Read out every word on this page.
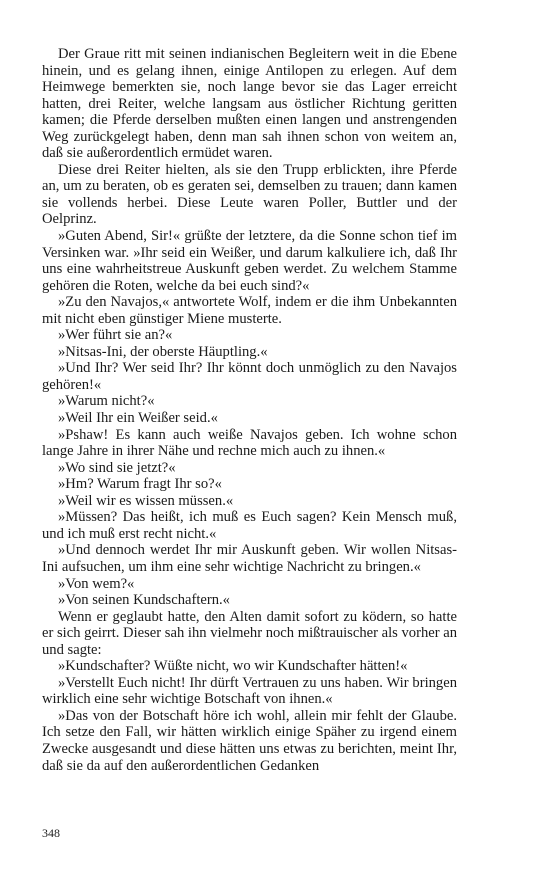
Der Graue ritt mit seinen indianischen Begleitern weit in die Ebene hinein, und es gelang ihnen, einige Antilopen zu erlegen. Auf dem Heimwege bemerkten sie, noch lange bevor sie das Lager erreicht hatten, drei Reiter, welche langsam aus östlicher Richtung geritten kamen; die Pferde derselben mußten einen langen und anstrengenden Weg zurückgelegt haben, denn man sah ihnen schon von weitem an, daß sie außerordentlich ermüdet waren.

Diese drei Reiter hielten, als sie den Trupp erblickten, ihre Pferde an, um zu beraten, ob es geraten sei, demselben zu trauen; dann kamen sie vollends herbei. Diese Leute waren Poller, Buttler und der Oelprinz.

»Guten Abend, Sir!« grüßte der letztere, da die Sonne schon tief im Versinken war. »Ihr seid ein Weißer, und darum kalkuliere ich, daß Ihr uns eine wahrheitstreue Auskunft geben werdet. Zu welchem Stamme gehören die Roten, welche da bei euch sind?«

»Zu den Navajos,« antwortete Wolf, indem er die ihm Unbekannten mit nicht eben günstiger Miene musterte.

»Wer führt sie an?«

»Nitsas-Ini, der oberste Häuptling.«

»Und Ihr? Wer seid Ihr? Ihr könnt doch unmöglich zu den Navajos gehören!«

»Warum nicht?«

»Weil Ihr ein Weißer seid.«

»Pshaw! Es kann auch weiße Navajos geben. Ich wohne schon lange Jahre in ihrer Nähe und rechne mich auch zu ihnen.«

»Wo sind sie jetzt?«

»Hm? Warum fragt Ihr so?«

»Weil wir es wissen müssen.«

»Müssen? Das heißt, ich muß es Euch sagen? Kein Mensch muß, und ich muß erst recht nicht.«

»Und dennoch werdet Ihr mir Auskunft geben. Wir wollen Nitsas-Ini aufsuchen, um ihm eine sehr wichtige Nachricht zu bringen.«

»Von wem?«

»Von seinen Kundschaftern.«

Wenn er geglaubt hatte, den Alten damit sofort zu ködern, so hatte er sich geirrt. Dieser sah ihn vielmehr noch mißtrauischer als vorher an und sagte:

»Kundschafter? Wüßte nicht, wo wir Kundschafter hätten!«

»Verstellt Euch nicht! Ihr dürft Vertrauen zu uns haben. Wir bringen wirklich eine sehr wichtige Botschaft von ihnen.«

»Das von der Botschaft höre ich wohl, allein mir fehlt der Glaube. Ich setze den Fall, wir hätten wirklich einige Späher zu irgend einem Zwecke ausgesandt und diese hätten uns etwas zu berichten, meint Ihr, daß sie da auf den außerordentlichen Gedanken

348
